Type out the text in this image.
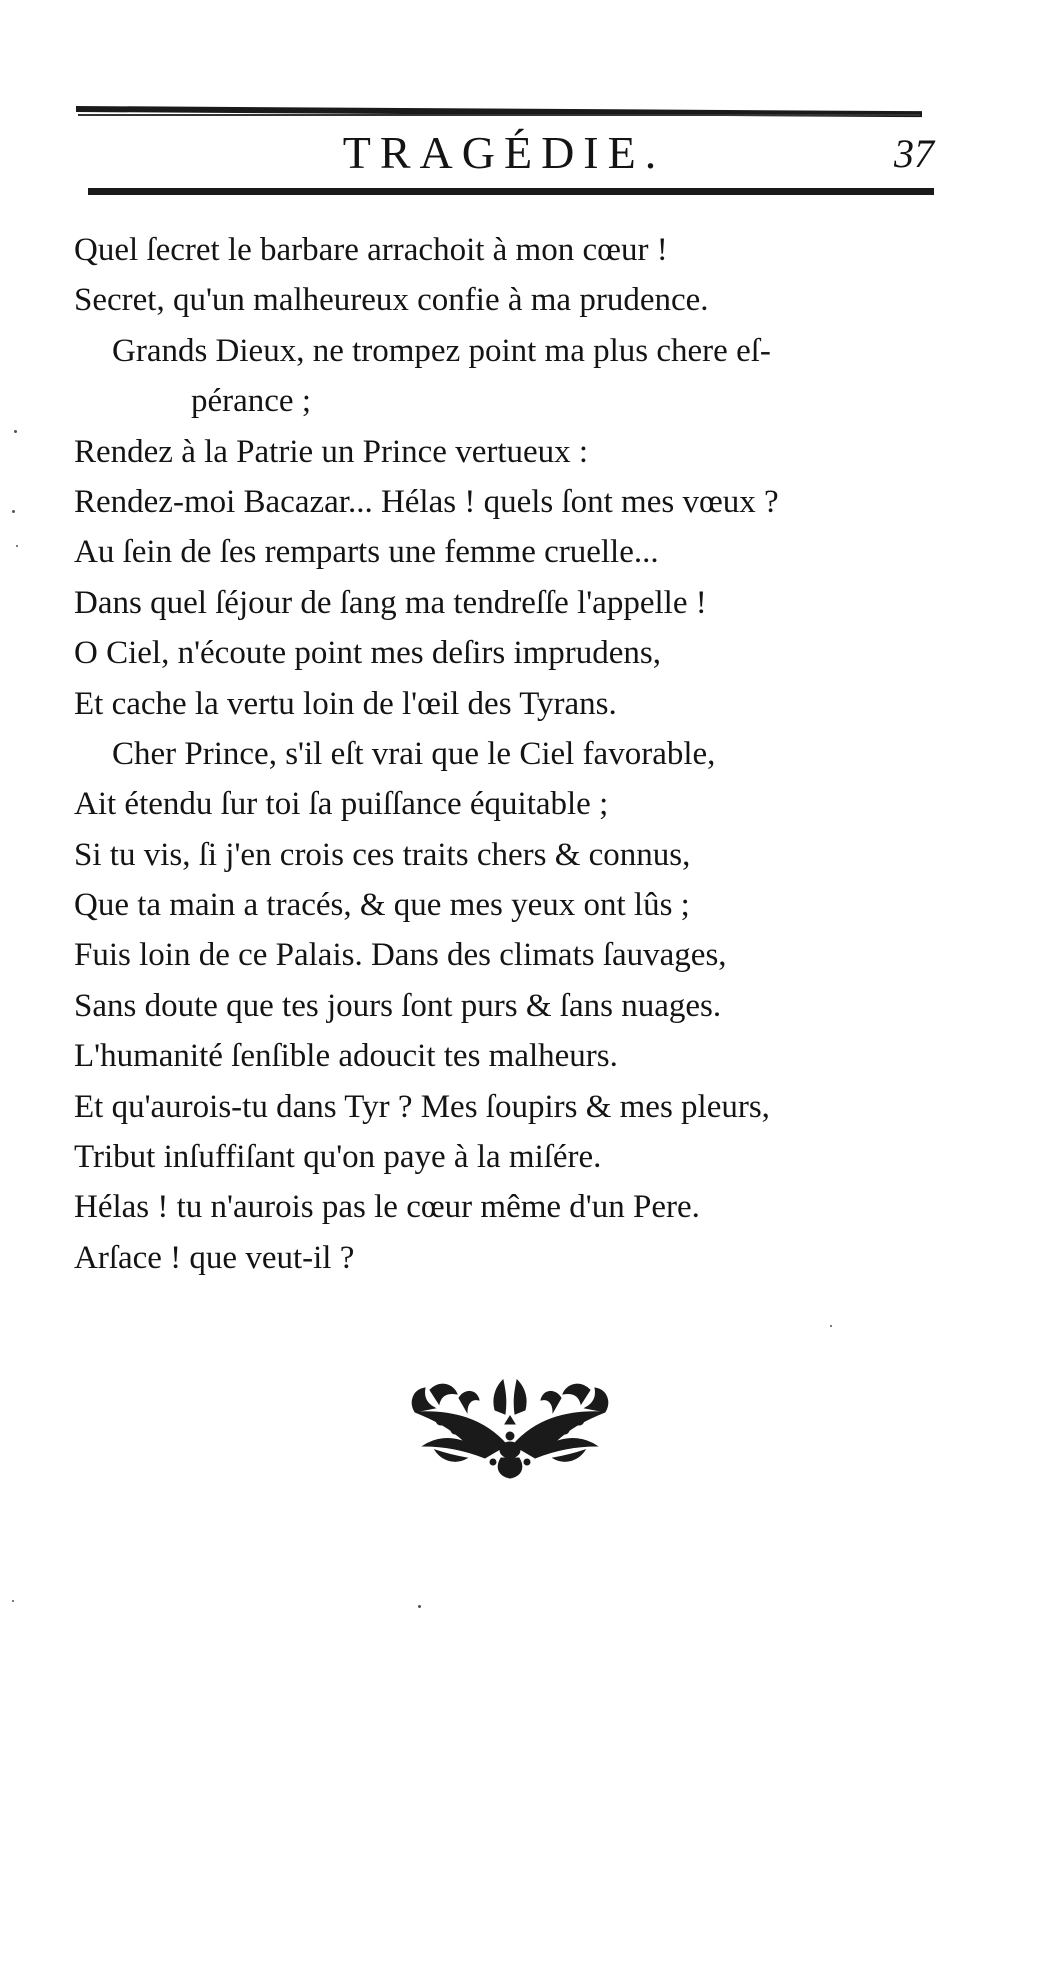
TRAGÉDIE.	37
Quel ſecret le barbare arrachoit à mon cœur !
Secret, qu'un malheureux confie à ma prudence.
Grands Dieux, ne trompez point ma plus chere eſ-
pérance ;
Rendez à la Patrie un Prince vertueux :
Rendez-moi Bacazar... Hélas ! quels ſont mes vœux ?
Au ſein de ſes remparts une femme cruelle...
Dans quel ſéjour de ſang ma tendreſſe l'appelle !
O Ciel, n'écoute point mes deſirs imprudens,
Et cache la vertu loin de l'œil des Tyrans.
Cher Prince, s'il eſt vrai que le Ciel favorable,
Ait étendu ſur toi ſa puiſſance équitable ;
Si tu vis, ſi j'en crois ces traits chers & connus,
Que ta main a tracés, & que mes yeux ont lûs ;
Fuis loin de ce Palais. Dans des climats ſauvages,
Sans doute que tes jours ſont purs & ſans nuages.
L'humanité ſenſible adoucit tes malheurs.
Et qu'aurois-tu dans Tyr ? Mes ſoupirs & mes pleurs,
Tribut inſuffiſant qu'on paye à la miſére.
Hélas ! tu n'aurois pas le cœur même d'un Pere.
Arſace ! que veut-il ?
